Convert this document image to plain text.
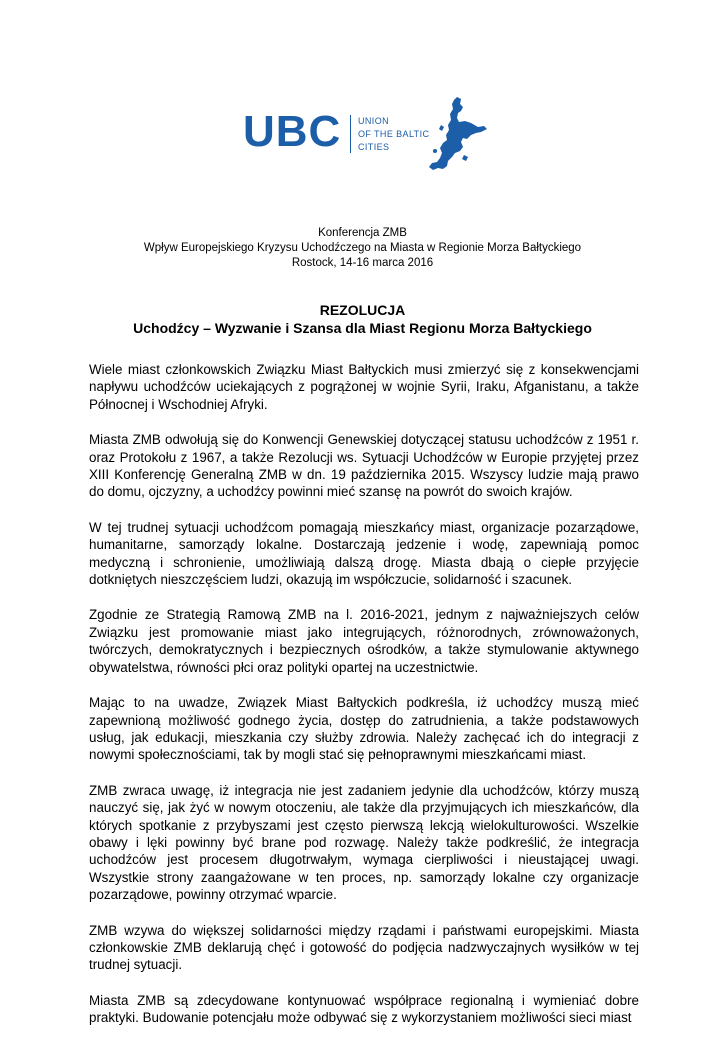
UBC UNION
OF THE BALTIC
CITIES
Konferencja ZMB
Wpływ Europejskiego Kryzysu Uchodźczego na Miasta w Regionie Morza Bałtyckiego
Rostock, 14-16 marca 2016
REZOLUCJA
Uchodźcy – Wyzwanie i Szansa dla Miast Regionu Morza Bałtyckiego

Wiele miast członkowskich Związku Miast Bałtyckich musi zmierzyć się z konsekwencjami napływu uchodźców uciekających z pogrążonej w wojnie Syrii, Iraku, Afganistanu, a także Północnej i Wschodniej Afryki.

Miasta ZMB odwołują się do Konwencji Genewskiej dotyczącej statusu uchodźców z 1951 r. oraz Protokołu z 1967, a także Rezolucji ws. Sytuacji Uchodźców w Europie przyjętej przez XIII Konferencję Generalną ZMB w dn. 19 października 2015. Wszyscy ludzie mają prawo do domu, ojczyzny, a uchodźcy powinni mieć szansę na powrót do swoich krajów.

W tej trudnej sytuacji uchodźcom pomagają mieszkańcy miast, organizacje pozarządowe, humanitarne, samorządy lokalne. Dostarczają jedzenie i wodę, zapewniają pomoc medyczną i schronienie, umożliwiają dalszą drogę. Miasta dbają o ciepłe przyjęcie dotkniętych nieszczęściem ludzi, okazują im współczucie, solidarność i szacunek.

Zgodnie ze Strategią Ramową ZMB na l. 2016-2021, jednym z najważniejszych celów Związku jest promowanie miast jako integrujących, różnorodnych, zrównoważonych, twórczych, demokratycznych i bezpiecznych ośrodków, a także stymulowanie aktywnego obywatelstwa, równości płci oraz polityki opartej na uczestnictwie.

Mając to na uwadze, Związek Miast Bałtyckich podkreśla, iż uchodźcy muszą mieć zapewnioną możliwość godnego życia, dostęp do zatrudnienia, a także podstawowych usług, jak edukacji, mieszkania czy służby zdrowia. Należy zachęcać ich do integracji z nowymi społecznościami, tak by mogli stać się pełnoprawnymi mieszkańcami miast.

ZMB zwraca uwagę, iż integracja nie jest zadaniem jedynie dla uchodźców, którzy muszą nauczyć się, jak żyć w nowym otoczeniu, ale także dla przyjmujących ich mieszkańców, dla których spotkanie z przybyszami jest często pierwszą lekcją wielokulturowości. Wszelkie obawy i lęki powinny być brane pod rozwagę. Należy także podkreślić, że integracja uchodźców jest procesem długotrwałym, wymaga cierpliwości i nieustającej uwagi. Wszystkie strony zaangażowane w ten proces, np. samorządy lokalne czy organizacje pozarządowe, powinny otrzymać wparcie.

ZMB wzywa do większej solidarności między rządami i państwami europejskimi. Miasta członkowskie ZMB deklarują chęć i gotowość do podjęcia nadzwyczajnych wysiłków w tej trudnej sytuacji.

Miasta ZMB są zdecydowane kontynuować współprace regionalną i wymieniać dobre praktyki. Budowanie potencjału może odbywać się z wykorzystaniem możliwości sieci miast
